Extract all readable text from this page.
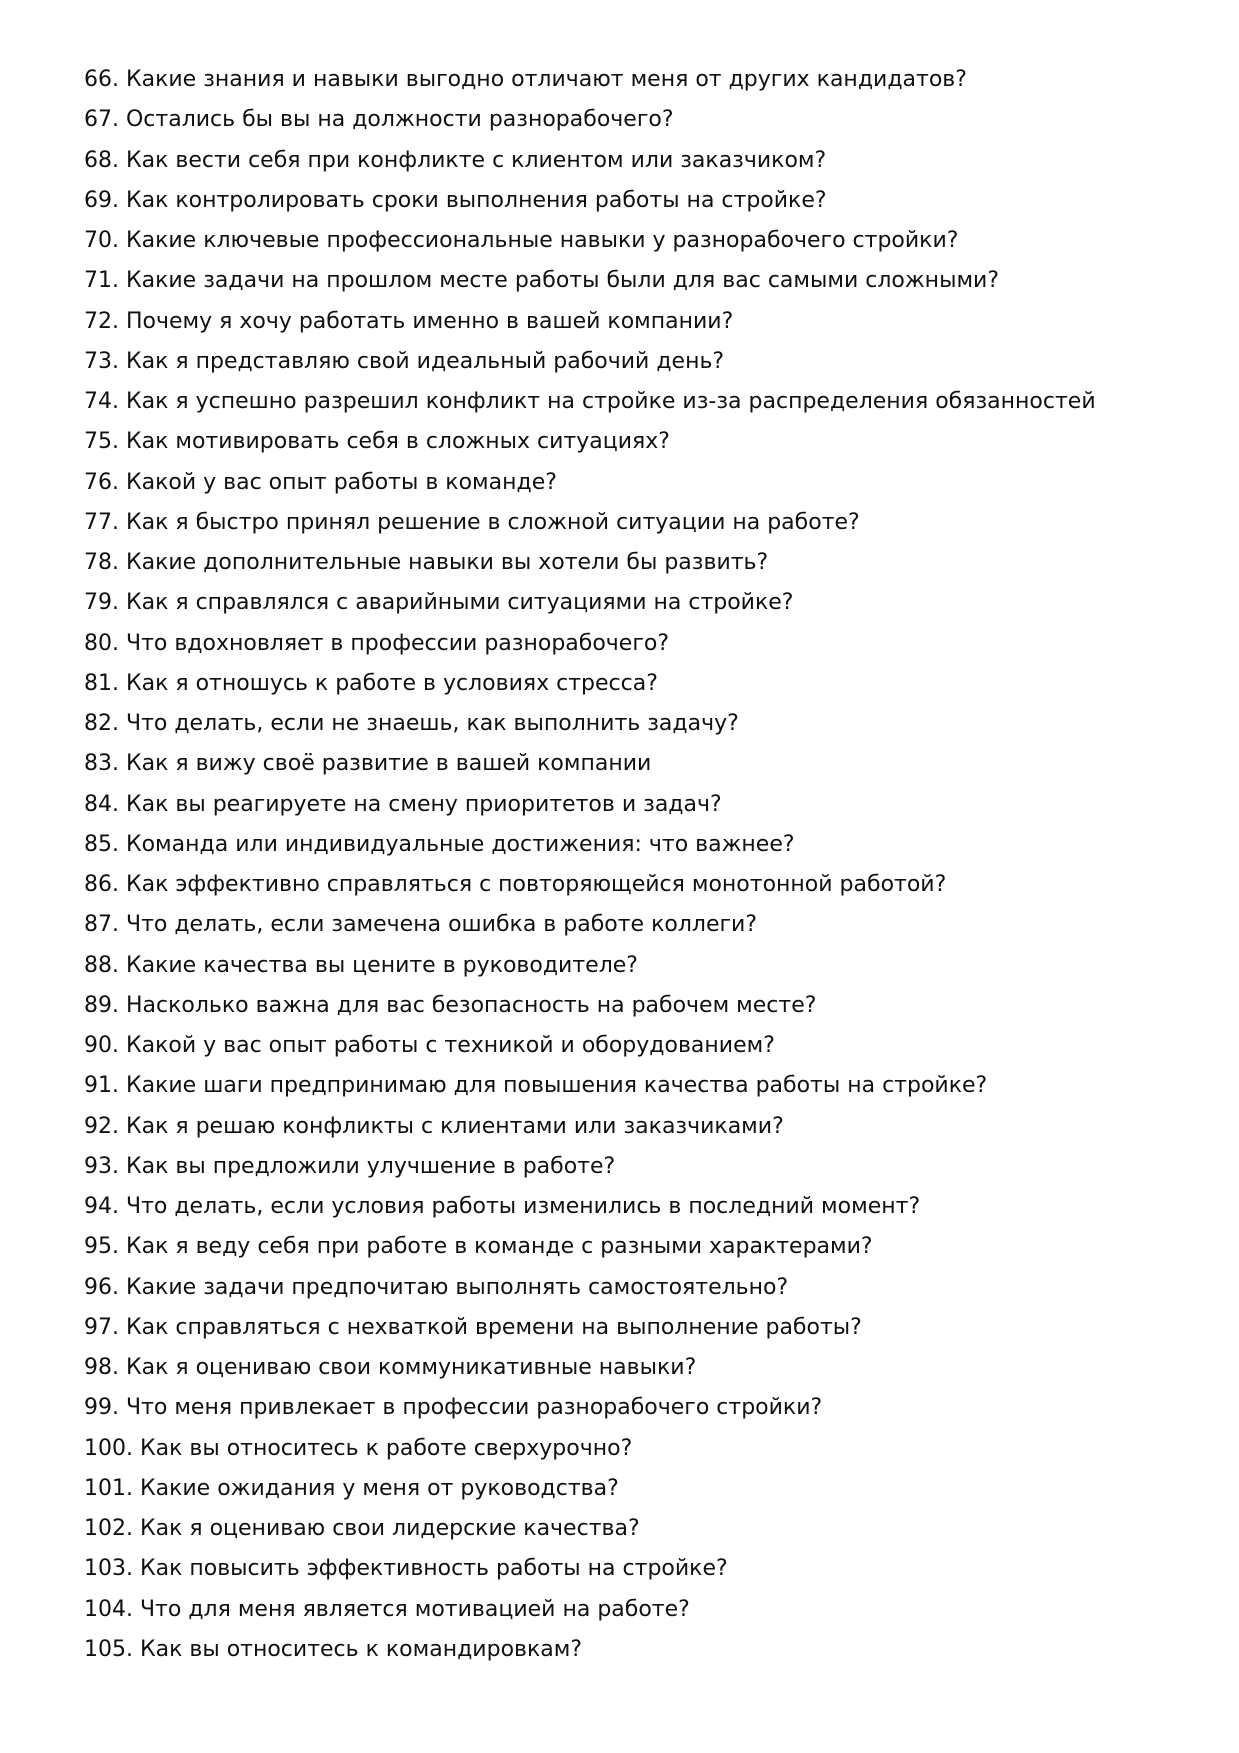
66. Какие знания и навыки выгодно отличают меня от других кандидатов?
67. Остались бы вы на должности разнорабочего?
68. Как вести себя при конфликте с клиентом или заказчиком?
69. Как контролировать сроки выполнения работы на стройке?
70. Какие ключевые профессиональные навыки у разнорабочего стройки?
71. Какие задачи на прошлом месте работы были для вас самыми сложными?
72. Почему я хочу работать именно в вашей компании?
73. Как я представляю свой идеальный рабочий день?
74. Как я успешно разрешил конфликт на стройке из-за распределения обязанностей
75. Как мотивировать себя в сложных ситуациях?
76. Какой у вас опыт работы в команде?
77. Как я быстро принял решение в сложной ситуации на работе?
78. Какие дополнительные навыки вы хотели бы развить?
79. Как я справлялся с аварийными ситуациями на стройке?
80. Что вдохновляет в профессии разнорабочего?
81. Как я отношусь к работе в условиях стресса?
82. Что делать, если не знаешь, как выполнить задачу?
83. Как я вижу своё развитие в вашей компании
84. Как вы реагируете на смену приоритетов и задач?
85. Команда или индивидуальные достижения: что важнее?
86. Как эффективно справляться с повторяющейся монотонной работой?
87. Что делать, если замечена ошибка в работе коллеги?
88. Какие качества вы цените в руководителе?
89. Насколько важна для вас безопасность на рабочем месте?
90. Какой у вас опыт работы с техникой и оборудованием?
91. Какие шаги предпринимаю для повышения качества работы на стройке?
92. Как я решаю конфликты с клиентами или заказчиками?
93. Как вы предложили улучшение в работе?
94. Что делать, если условия работы изменились в последний момент?
95. Как я веду себя при работе в команде с разными характерами?
96. Какие задачи предпочитаю выполнять самостоятельно?
97. Как справляться с нехваткой времени на выполнение работы?
98. Как я оцениваю свои коммуникативные навыки?
99. Что меня привлекает в профессии разнорабочего стройки?
100. Как вы относитесь к работе сверхурочно?
101. Какие ожидания у меня от руководства?
102. Как я оцениваю свои лидерские качества?
103. Как повысить эффективность работы на стройке?
104. Что для меня является мотивацией на работе?
105. Как вы относитесь к командировкам?
